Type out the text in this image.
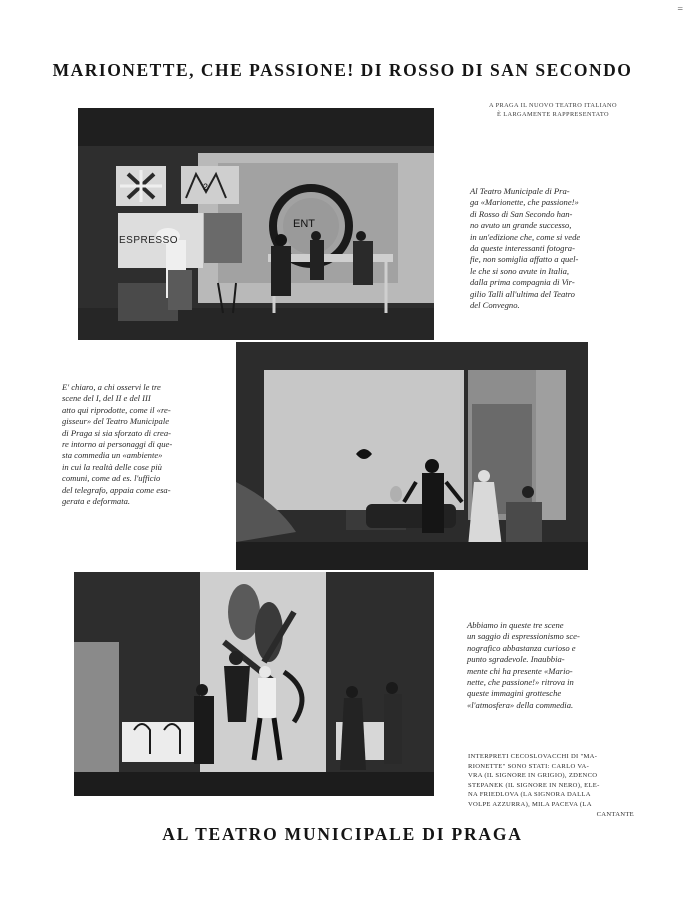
=
MARIONETTE, CHE PASSIONE! DI ROSSO DI SAN SECONDO
A PRAGA IL NUOVO TEATRO ITALIANO
È LARGAMENTE RAPPRESENTATO
ESPRESSO
ENT
2	Al Teatro Municipale di Pra-
ga «Marionette, che passione!»
di Rosso di San Secondo han-
no avuto un grande successo,
in un'edizione che, come si vede
da queste interessanti fotogra-
fie, non somiglia affatto a quel-
le che si sono avute in Italia,
dalla prima compagnia di Vir-
gilio Talli all'ultima del Teatro
del Convegno.
E' chiaro, a chi osservi le tre
scene del I, del II e del III
atto qui riprodotte, come il «re-
gisseur» del Teatro Municipale
di Praga si sia sforzato di crea-
re intorno ai personaggi di que-
sta commedia un «ambiente»
in cui la realtà delle cose più
comuni, come ad es. l'ufficio
del telegrafo, appaia come esa-
gerata e deformata.
Abbiamo in queste tre scene
un saggio di espressionismo sce-
nografico abbastanza curioso e
punto sgradevole. Inaubbia-
mente chi ha presente «Mario-
nette, che passione!» ritrova in
queste immagini grottesche
«l'atmosfera» della commedia.
INTERPRETI CECOSLOVACCHI DI "MA-
RIONETTE" SONO STATI: CARLO VA-
VRA (IL SIGNORE IN GRIGIO), ZDENCO
STEPANEK (IL SIGNORE IN NERO), ELE-
NA FRIEDLOVA (LA SIGNORA DALLA
VOLPE AZZURRA), MILA PACEVA (LA
CANTANTE
AL TEATRO MUNICIPALE DI PRAGA
